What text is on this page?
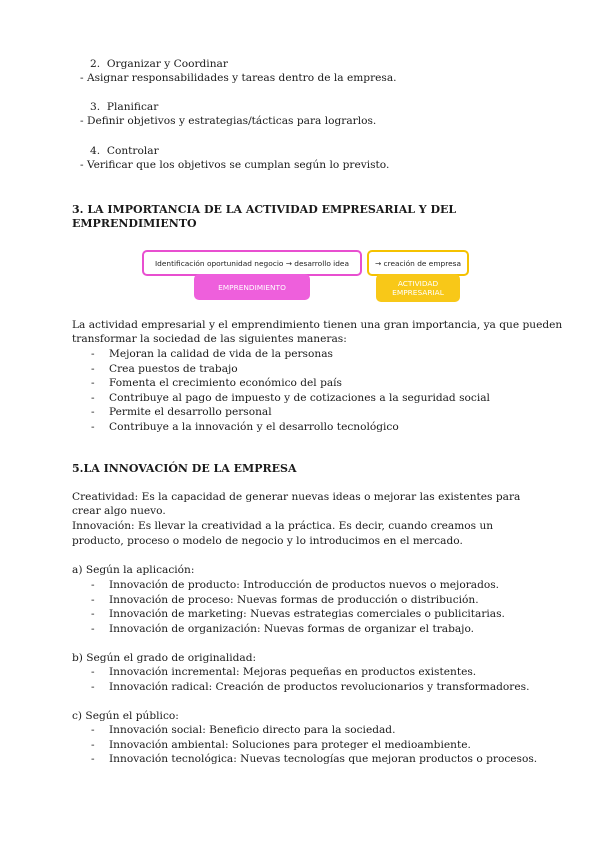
2. Organizar y Coordinar
- Asignar responsabilidades y tareas dentro de la empresa.
3. Planificar
- Definir objetivos y estrategias/tácticas para lograrlos.
4. Controlar
- Verificar que los objetivos se cumplan según lo previsto.
3. LA IMPORTANCIA DE LA ACTIVIDAD EMPRESARIAL Y DEL
EMPRENDIMIENTO
Identificación oportunidad negocio → desarrollo idea	→ creación de empresa
EMPRENDIMIENTO	ACTIVIDAD
EMPRESARIAL
La actividad empresarial y el emprendimiento tienen una gran importancia, ya que pueden
transformar la sociedad de las siguientes maneras:
- Mejoran la calidad de vida de la personas
- Crea puestos de trabajo
- Fomenta el crecimiento económico del país
- Contribuye al pago de impuesto y de cotizaciones a la seguridad social
- Permite el desarrollo personal
- Contribuye a la innovación y el desarrollo tecnológico
5.LA INNOVACIÓN DE LA EMPRESA
Creatividad: Es la capacidad de generar nuevas ideas o mejorar las existentes para
crear algo nuevo.
Innovación: Es llevar la creatividad a la práctica. Es decir, cuando creamos un
producto, proceso o modelo de negocio y lo introducimos en el mercado.
a) Según la aplicación:
- Innovación de producto: Introducción de productos nuevos o mejorados.
- Innovación de proceso: Nuevas formas de producción o distribución.
- Innovación de marketing: Nuevas estrategias comerciales o publicitarias.
- Innovación de organización: Nuevas formas de organizar el trabajo.
b) Según el grado de originalidad:
- Innovación incremental: Mejoras pequeñas en productos existentes.
- Innovación radical: Creación de productos revolucionarios y transformadores.
c) Según el público:
- Innovación social: Beneficio directo para la sociedad.
- Innovación ambiental: Soluciones para proteger el medioambiente.
- Innovación tecnológica: Nuevas tecnologías que mejoran productos o procesos.
